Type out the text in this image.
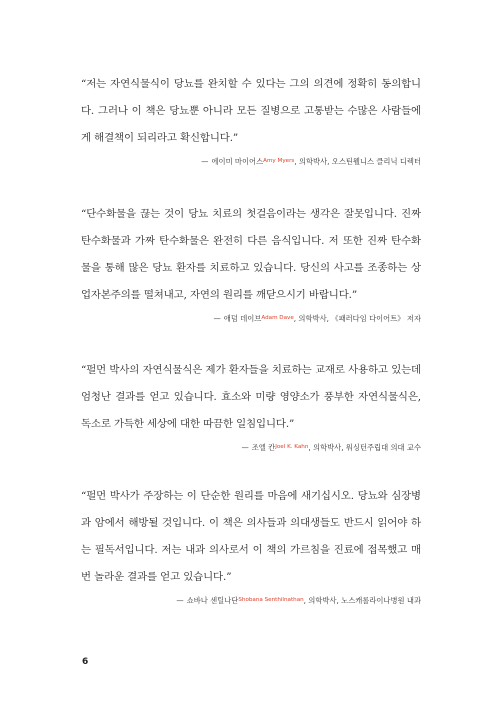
“저는 자연식물식이 당뇨를 완치할 수 있다는 그의 의견에 정확히 동의합니다. 그러나 이 책은 당뇨뿐 아니라 모든 질병으로 고통받는 수많은 사람들에게 해결책이 되리라고 확신합니다.”

— 에이미 마이어스$^{Amy Myers}$, 의학박사, 오스틴웰니스 클리닉 디렉터

“단수화물을 끊는 것이 당뇨 치료의 첫걸음이라는 생각은 잘못입니다. 진짜 탄수화물과 가짜 탄수화물은 완전히 다른 음식입니다. 저 또한 진짜 탄수화물을 통해 많은 당뇨 환자를 치료하고 있습니다. 당신의 사고를 조종하는 상업자본주의를 떨쳐내고, 자연의 원리를 깨닫으시기 바랍니다.”

— 애덤 데이브$^{Adam Dave}$, 의학박사, 《패러다임 다이어트》 저자

“펄먼 박사의 자연식물식은 제가 환자들을 치료하는 교재로 사용하고 있는데 엄청난 결과를 얻고 있습니다. 효소와 미량 영양소가 풍부한 자연식물식은, 독소로 가득한 세상에 대한 따끔한 일침입니다.”

— 조엘 칸$^{Joel K. Kahn}$, 의학박사, 워싱턴주립대 의대 교수

“펄먼 박사가 주장하는 이 단순한 원리를 마음에 새기십시오. 당뇨와 심장병과 암에서 해방될 것입니다. 이 책은 의사들과 의대생들도 반드시 읽어야 하는 필독서입니다. 저는 내과 의사로서 이 책의 가르침을 진료에 접목했고 매번 놀라운 결과를 얻고 있습니다.”

— 쇼바나 센틸나단$^{Shobana Senthilnathan}$, 의학박사, 노스캐롤라이나병원 내과

6
